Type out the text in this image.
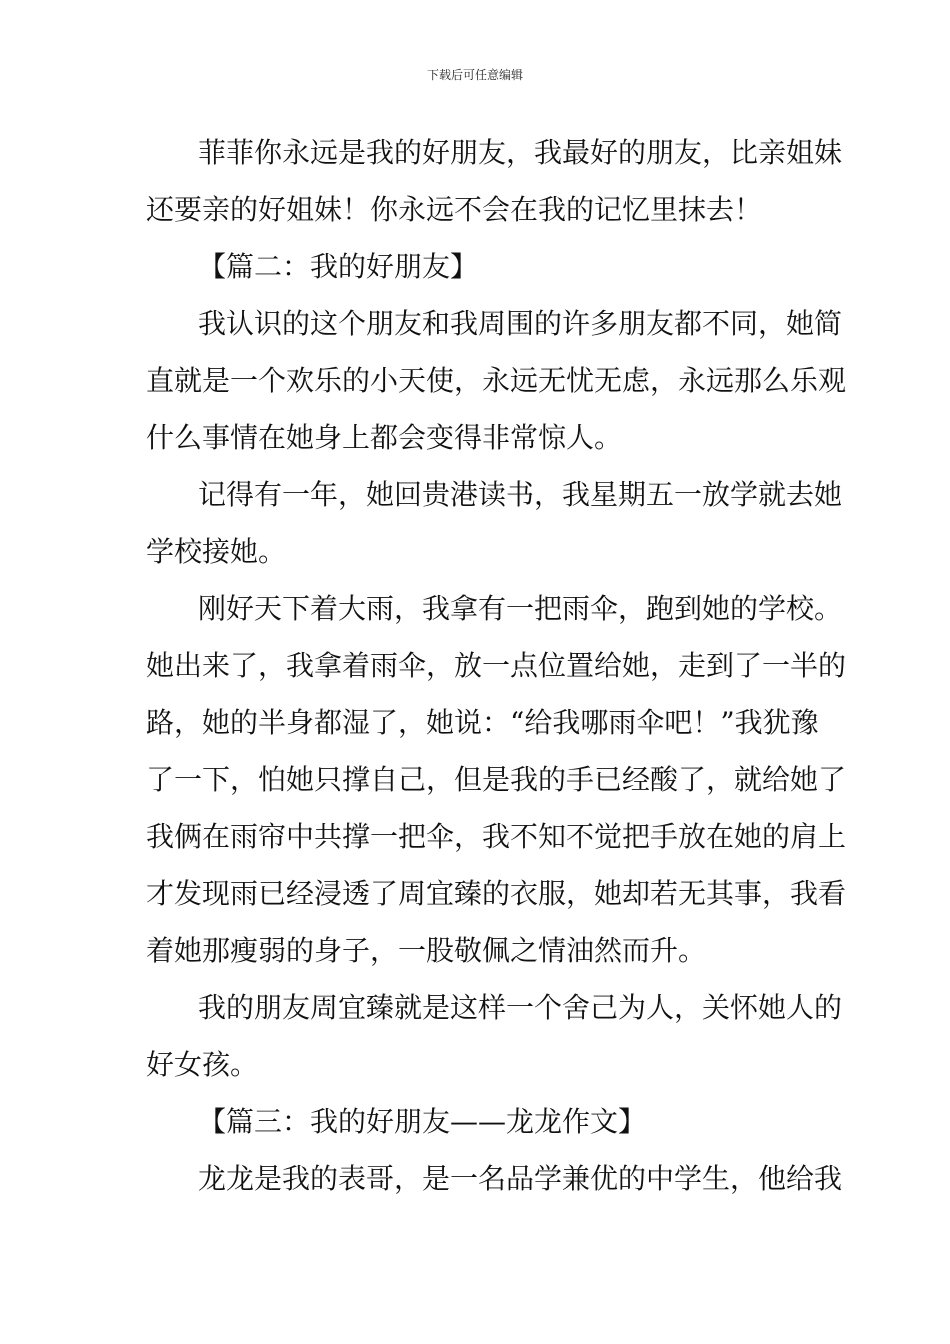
下载后可任意编辑
菲菲你永远是我的好朋友，我最好的朋友，比亲姐妹
还要亲的好姐妹！你永远不会在我的记忆里抹去！
【篇二：我的好朋友】
我认识的这个朋友和我周围的许多朋友都不同，她简
直就是一个欢乐的小天使，永远无忧无虑，永远那么乐观
什么事情在她身上都会变得非常惊人。
记得有一年，她回贵港读书，我星期五一放学就去她
学校接她。
刚好天下着大雨，我拿有一把雨伞，跑到她的学校。
她出来了，我拿着雨伞，放一点位置给她，走到了一半的
路，她的半身都湿了，她说：“给我哪雨伞吧！”我犹豫
了一下，怕她只撑自己，但是我的手已经酸了，就给她了
我俩在雨帘中共撑一把伞，我不知不觉把手放在她的肩上
才发现雨已经浸透了周宜臻的衣服，她却若无其事，我看
着她那瘦弱的身子，一股敬佩之情油然而升。
我的朋友周宜臻就是这样一个舍己为人，关怀她人的
好女孩。
【篇三：我的好朋友——龙龙作文】
龙龙是我的表哥，是一名品学兼优的中学生，他给我
